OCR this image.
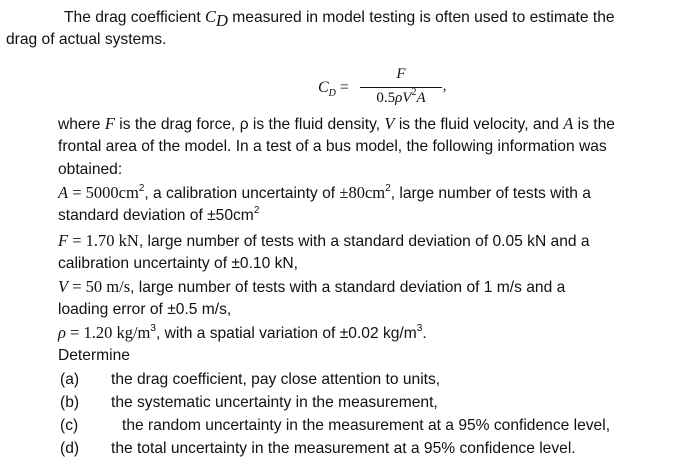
The drag coefficient $C_D$ measured in model testing is often used to estimate the
drag of actual systems.
$C_D$ =
F
$0.5\rho V^2A$	’
where F is the drag force, ρ is the fluid density, V is the fluid velocity, and A is the
frontal area of the model. In a test of a bus model, the following information was
obtained:
$A = 5000cm^2$, a calibration uncertainty of $\pm 80cm^2$, large number of tests with a
standard deviation of $\pm 50cm^2$
F = 1.70 kN, large number of tests with a standard deviation of 0.05 kN and a
calibration uncertainty of ±0.10 kN,
V = 50 m/s, large number of tests with a standard deviation of 1 m/s and a
loading error of ±0.5 m/s,
ρ = 1.20 $kg/m^3$, with a spatial variation of ±0.02 $kg/m^3$.
Determine
(a) the drag coefficient, pay close attention to units,
(b) the systematic uncertainty in the measurement,
(c)	the random uncertainty in the measurement at a 95% confidence level,
(d) the total uncertainty in the measurement at a 95% confidence level.
